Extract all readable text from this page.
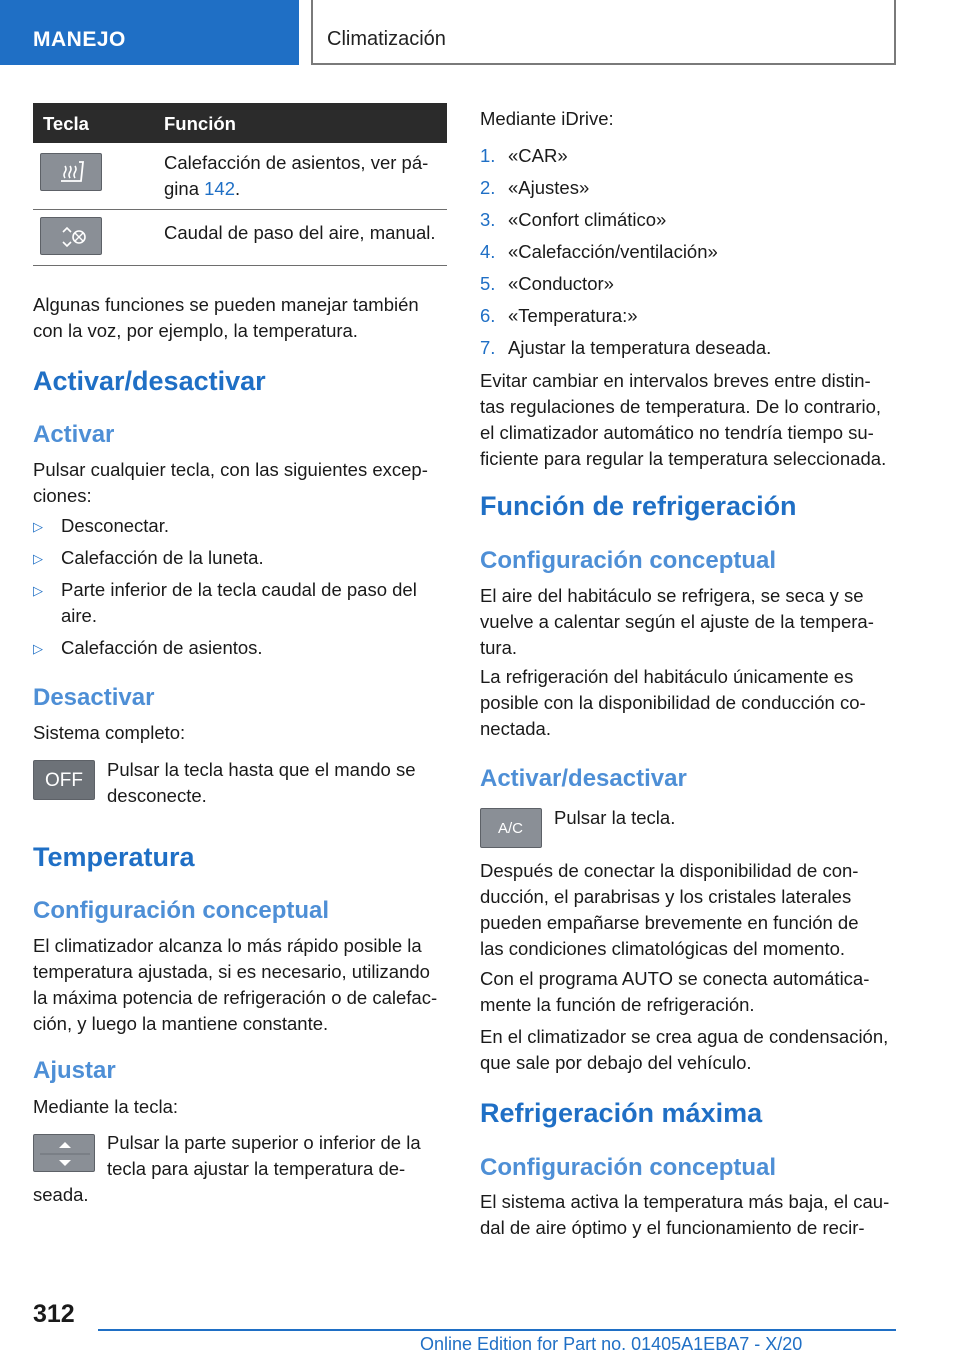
MANEJO	Climatización
Tecla	Función
Calefacción de asientos, ver pá-
gina 142.
Caudal de paso del aire, manual.

Algunas funciones se pueden manejar también

con la voz, por ejemplo, la temperatura.

Activar/desactivar
Activar

Pulsar cualquier tecla, con las siguientes excep-

ciones:

▷ Desconectar.

▷ Calefacción de la luneta.

▷ Parte inferior de la tecla caudal de paso del

aire.

▷ Calefacción de asientos.

Desactivar

Sistema completo:

OFF

Pulsar la tecla hasta que el mando se

desconecte.

Temperatura
Configuración conceptual

El climatizador alcanza lo más rápido posible la

temperatura ajustada, si es necesario, utilizando

la máxima potencia de refrigeración o de calefac-

ción, y luego la mantiene constante.

Ajustar

Mediante la tecla:

Pulsar la parte superior o inferior de la

tecla para ajustar la temperatura de-

seada.

Mediante iDrive:

1. «CAR»
2. «Ajustes»
3. «Confort climático»
4. «Calefacción/ventilación»
5. «Conductor»
6. «Temperatura:»
7. Ajustar la temperatura deseada.

Evitar cambiar en intervalos breves entre distin-

tas regulaciones de temperatura. De lo contrario,

el climatizador automático no tendría tiempo su-

ficiente para regular la temperatura seleccionada.

Función de refrigeración
Configuración conceptual

El aire del habitáculo se refrigera, se seca y se

vuelve a calentar según el ajuste de la tempera-

tura.

La refrigeración del habitáculo únicamente es

posible con la disponibilidad de conducción co-

nectada.

Activar/desactivar
A/C

Pulsar la tecla.

Después de conectar la disponibilidad de con-

ducción, el parabrisas y los cristales laterales

pueden empañarse brevemente en función de

las condiciones climatológicas del momento.

Con el programa AUTO se conecta automática-

mente la función de refrigeración.

En el climatizador se crea agua de condensación,

que sale por debajo del vehículo.

Refrigeración máxima
Configuración conceptual

El sistema activa la temperatura más baja, el cau-

dal de aire óptimo y el funcionamiento de recir-

312
Online Edition for Part no. 01405A1EBA7 - X/20
